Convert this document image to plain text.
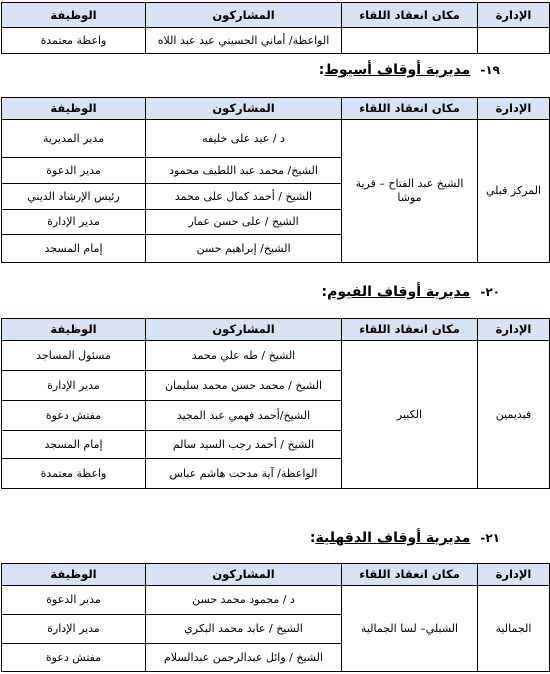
الإدارة	مكان انعقاد اللقاء	المشاركون	الوظيفة
		الواعظة/ أماني الحسيني عيد عبد اللاه	واعظة معتمدة
١٩-مديرية أوقاف أسيوط:
الإدارة	مكان انعقاد اللقاء	المشاركون	الوظيفة
المركز قبلي	الشيخ عبد الفتاح – قرية موشا	د / عيد على خليفه	مدير المديرية
		الشيخ/ محمد عبد اللطيف محمود	مدير الدعوة
		الشيخ / أحمد كمال على محمد	رئيس الإرشاد الديني
		الشيخ / على حسن عمار	مدير الإدارة
		الشيخ/ إبراهيم حسن	إمام المسجد
٢٠-مديرية أوقاف الفيوم:
الإدارة	مكان انعقاد اللقاء	المشاركون	الوظيفة
فيديمين	الكبير	الشيخ / طه علي محمد	مسئول المساجد
		الشيخ / محمد حسن محمد سليمان	مدير الإدارة
		الشيخ/أحمد فهمي عبد المجيد	مفتش دعوة
		الشيخ / أحمد رجب السيد سالم	إمام المسجد
		الواعظة/ آية مدحت هاشم عباس	واعظة معتمدة
٢١-مديرية أوقاف الدقهلية:
الإدارة	مكان انعقاد اللقاء	المشاركون	الوظيفة
الجمالية	الشبلي– لسا الجمالية	د / محمود محمد حسن	مدير الدعوة
		الشيخ / عابد محمد البكري	مدير الإدارة
		الشيخ / وائل عبدالرحمن عبدالسلام	مفتش دعوة
